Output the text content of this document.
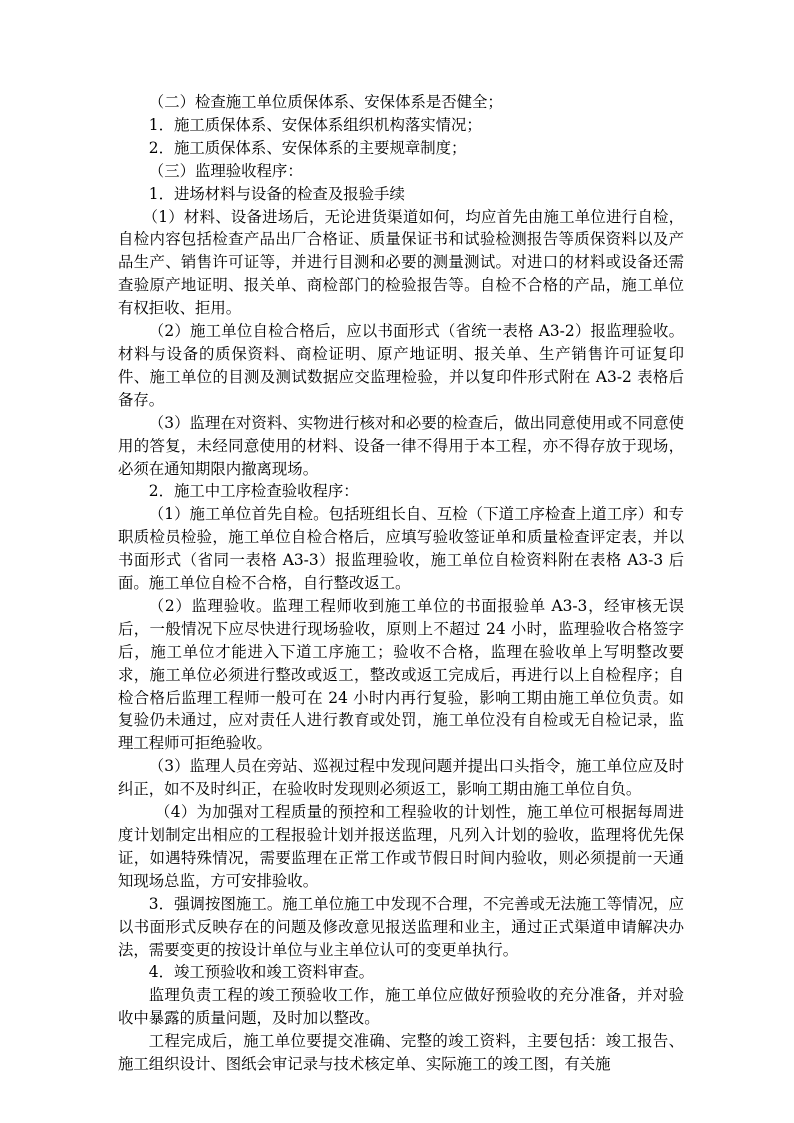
（二）检查施工单位质保体系、安保体系是否健全；

1．施工质保体系、安保体系组织机构落实情况；

2．施工质保体系、安保体系的主要规章制度；

（三）监理验收程序：

1．进场材料与设备的检查及报验手续

（1）材料、设备进场后，无论进货渠道如何，均应首先由施工单位进行自检，自检内容包括检查产品出厂合格证、质量保证书和试验检测报告等质保资料以及产品生产、销售许可证等，并进行目测和必要的测量测试。对进口的材料或设备还需查验原产地证明、报关单、商检部门的检验报告等。自检不合格的产品，施工单位有权拒收、拒用。

（2）施工单位自检合格后，应以书面形式（省统一表格 A3-2）报监理验收。材料与设备的质保资料、商检证明、原产地证明、报关单、生产销售许可证复印件、施工单位的目测及测试数据应交监理检验，并以复印件形式附在 A3-2 表格后备存。

（3）监理在对资料、实物进行核对和必要的检查后，做出同意使用或不同意使用的答复，未经同意使用的材料、设备一律不得用于本工程，亦不得存放于现场，必须在通知期限内撤离现场。

2．施工中工序检查验收程序：

（1）施工单位首先自检。包括班组长自、互检（下道工序检查上道工序）和专职质检员检验，施工单位自检合格后，应填写验收签证单和质量检查评定表，并以书面形式（省同一表格 A3-3）报监理验收，施工单位自检资料附在表格 A3-3 后面。施工单位自检不合格，自行整改返工。

（2）监理验收。监理工程师收到施工单位的书面报验单 A3-3，经审核无误后，一般情况下应尽快进行现场验收，原则上不超过 24 小时，监理验收合格签字后，施工单位才能进入下道工序施工；验收不合格，监理在验收单上写明整改要求，施工单位必须进行整改或返工，整改或返工完成后，再进行以上自检程序；自检合格后监理工程师一般可在 24 小时内再行复验，影响工期由施工单位负责。如复验仍未通过，应对责任人进行教育或处罚，施工单位没有自检或无自检记录，监理工程师可拒绝验收。

（3）监理人员在旁站、巡视过程中发现问题并提出口头指令，施工单位应及时纠正，如不及时纠正，在验收时发现则必须返工，影响工期由施工单位自负。

（4）为加强对工程质量的预控和工程验收的计划性，施工单位可根据每周进度计划制定出相应的工程报验计划并报送监理，凡列入计划的验收，监理将优先保证，如遇特殊情况，需要监理在正常工作或节假日时间内验收，则必须提前一天通知现场总监，方可安排验收。

3．强调按图施工。施工单位施工中发现不合理，不完善或无法施工等情况，应以书面形式反映存在的问题及修改意见报送监理和业主，通过正式渠道申请解决办法，需要变更的按设计单位与业主单位认可的变更单执行。

4．竣工预验收和竣工资料审查。

监理负责工程的竣工预验收工作，施工单位应做好预验收的充分准备，并对验收中暴露的质量问题，及时加以整改。

工程完成后，施工单位要提交准确、完整的竣工资料，主要包括：竣工报告、施工组织设计、图纸会审记录与技术核定单、实际施工的竣工图，有关施
